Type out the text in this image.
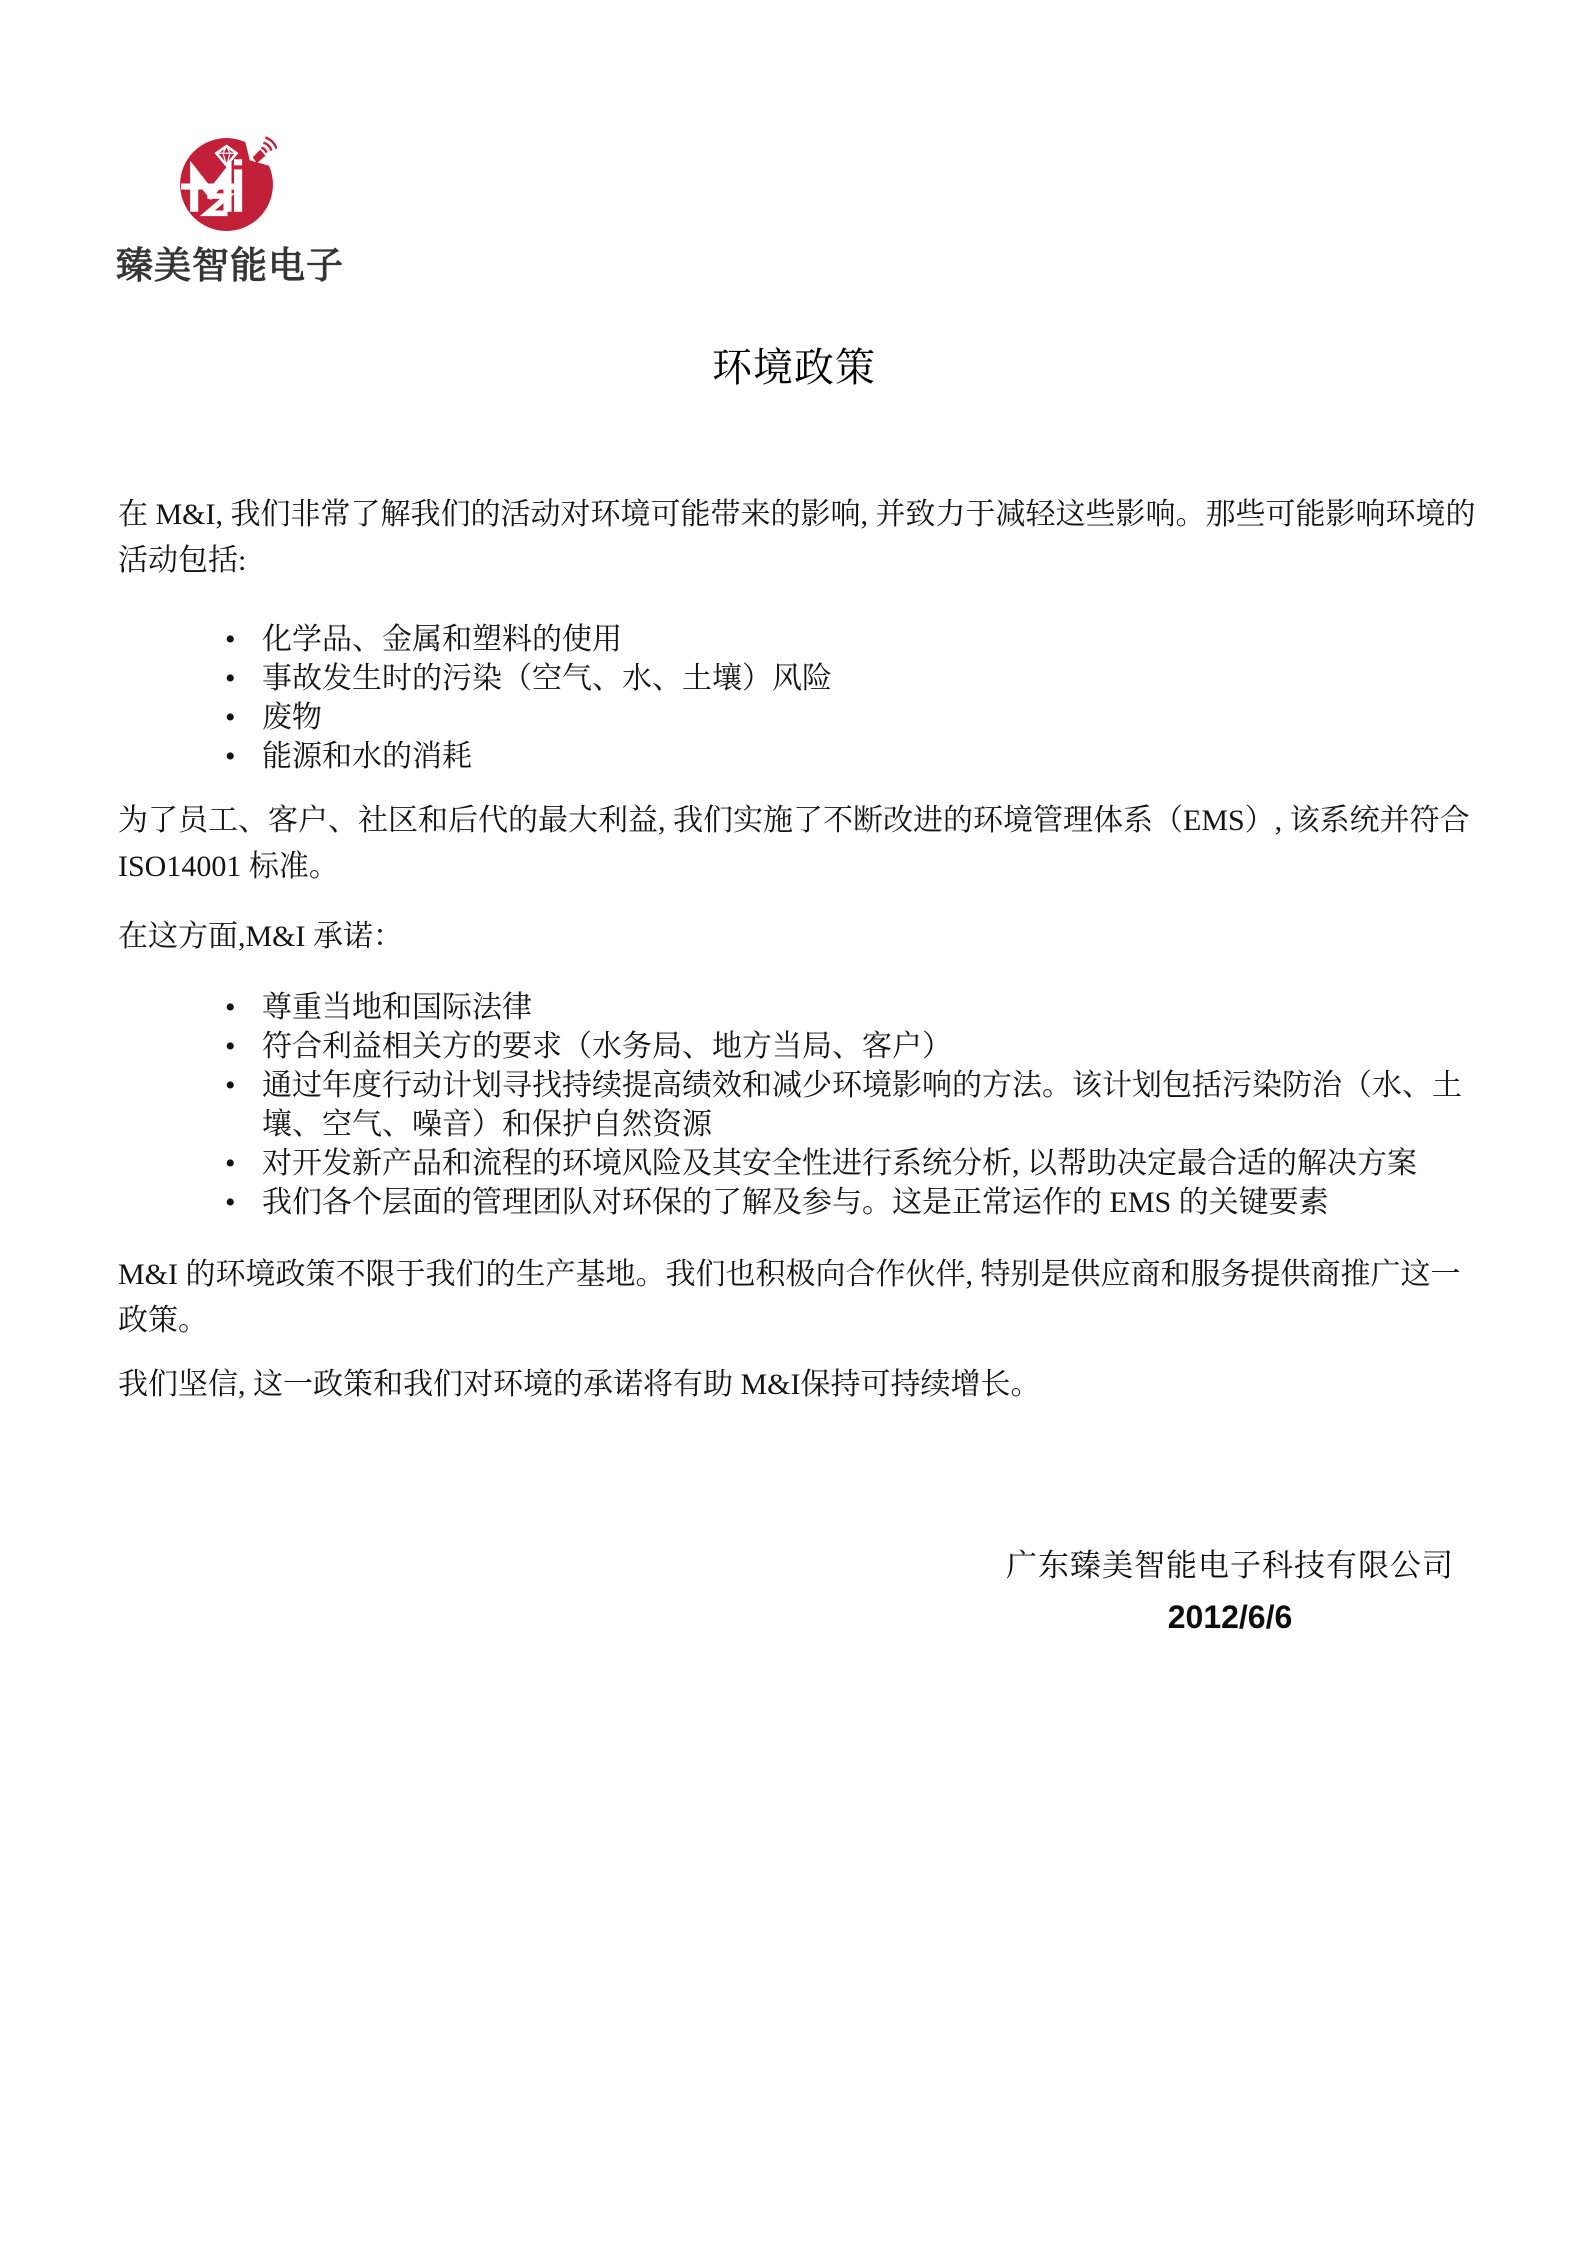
臻美智能电子
环境政策

在 M&I, 我们非常了解我们的活动对环境可能带来的影响, 并致力于减轻这些影响。那些可能影响环境的活动包括:

• 化学品、金属和塑料的使用
• 事故发生时的污染（空气、水、土壤）风险
• 废物
• 能源和水的消耗

为了员工、客户、社区和后代的最大利益, 我们实施了不断改进的环境管理体系（EMS）, 该系统并符合 ISO14001 标准。

在这方面,M&I 承诺：

• 尊重当地和国际法律
• 符合利益相关方的要求（水务局、地方当局、客户）
• 通过年度行动计划寻找持续提高绩效和减少环境影响的方法。该计划包括污染防治（水、土壤、空气、噪音）和保护自然资源
• 对开发新产品和流程的环境风险及其安全性进行系统分析, 以帮助决定最合适的解决方案
• 我们各个层面的管理团队对环保的了解及参与。这是正常运作的 EMS 的关键要素

M&I 的环境政策不限于我们的生产基地。我们也积极向合作伙伴, 特别是供应商和服务提供商推广这一政策。

我们坚信, 这一政策和我们对环境的承诺将有助 M&I保持可持续增长。

广东臻美智能电子科技有限公司
2012/6/6
